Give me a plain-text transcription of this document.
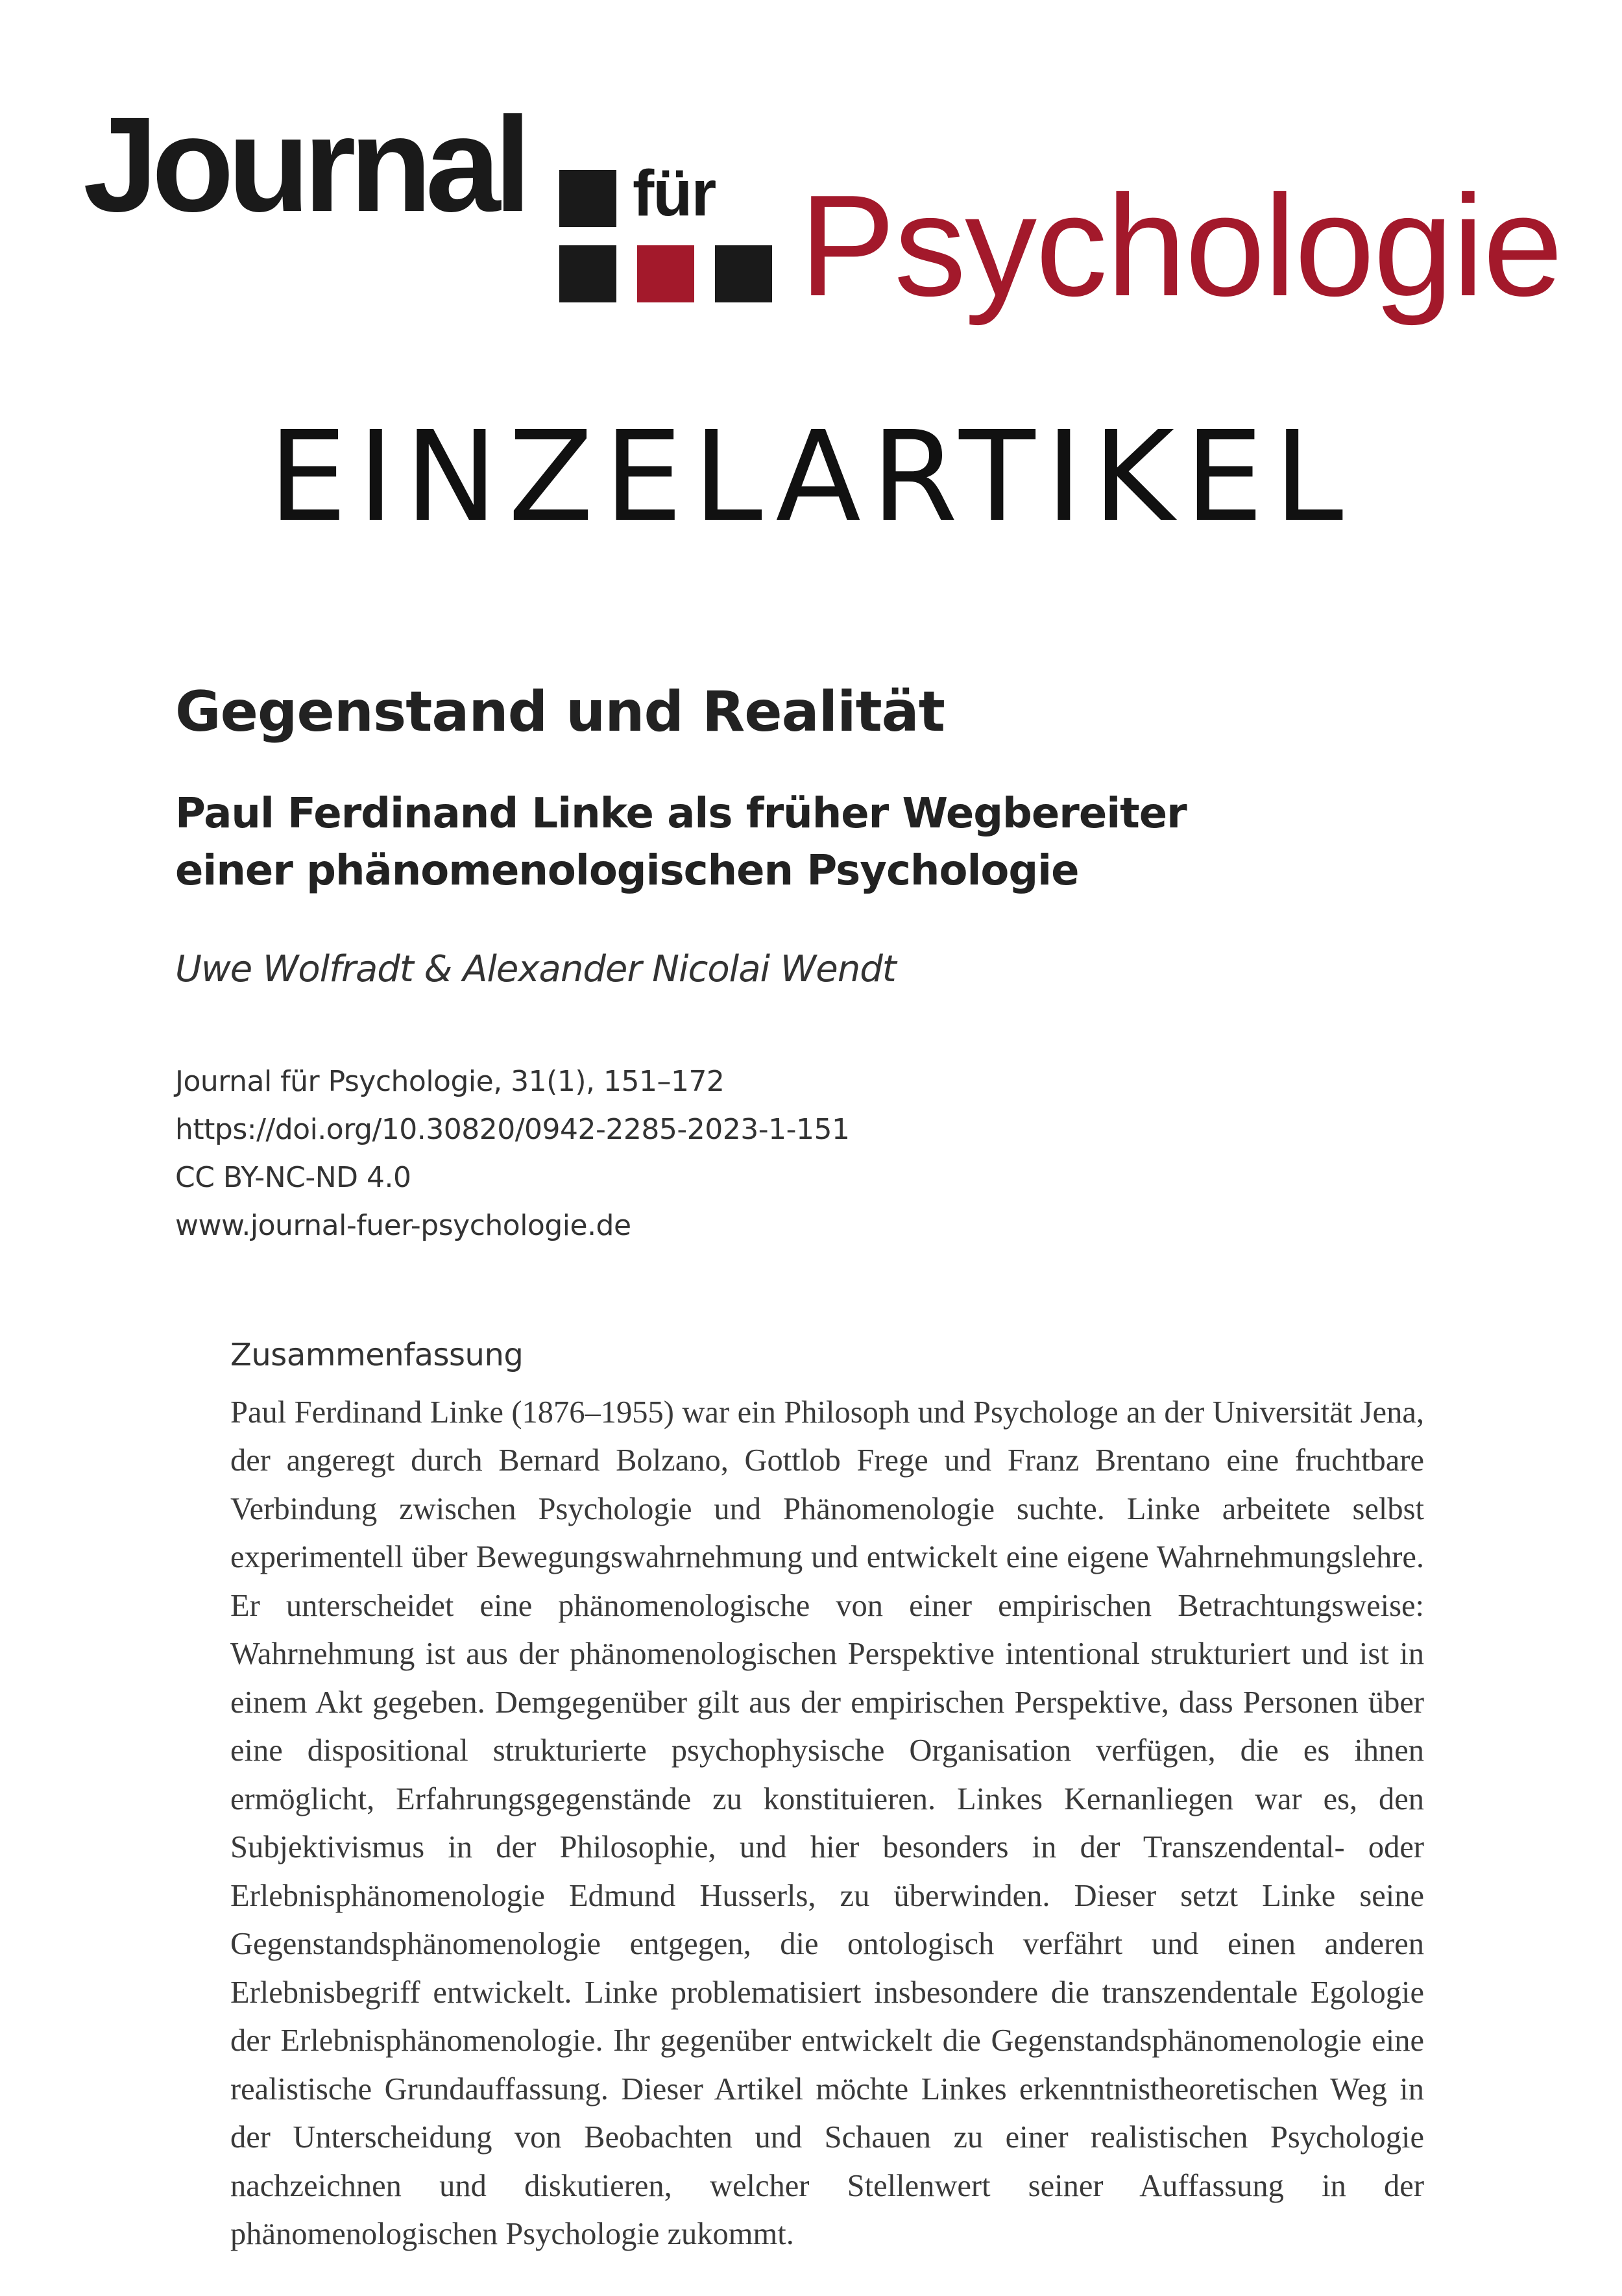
Journal für Psychologie
EINZELARTIKEL
Gegenstand und Realität
Paul Ferdinand Linke als früher Wegbereiter
einer phänomenologischen Psychologie
Uwe Wolfradt & Alexander Nicolai Wendt
Journal für Psychologie, 31(1), 151–172
https://doi.org/10.30820/0942-2285-2023-1-151
CC BY-NC-ND 4.0
www.journal-fuer-psychologie.de
Zusammenfassung

Paul Ferdinand Linke (1876–1955) war ein Philosoph und Psychologe an der Universität Jena, der angeregt durch Bernard Bolzano, Gottlob Frege und Franz Brentano eine fruchtbare Verbindung zwischen Psychologie und Phänomenologie suchte. Linke arbeitete selbst experimentell über Bewegungswahrnehmung und entwickelt eine eigene Wahrnehmungslehre. Er unterscheidet eine phänomenologische von einer empirischen Betrachtungsweise: Wahrnehmung ist aus der phänomenologischen Perspektive intentional strukturiert und ist in einem Akt gegeben. Demgegenüber gilt aus der empirischen Perspektive, dass Personen über eine dispositional strukturierte psychophysische Organisation verfügen, die es ihnen ermöglicht, Erfahrungsgegenstände zu konstituieren. Linkes Kernanliegen war es, den Subjektivismus in der Philosophie, und hier besonders in der Transzendental- oder Erlebnisphänomenologie Edmund Husserls, zu überwinden. Dieser setzt Linke seine Gegenstandsphänomenologie entgegen, die ontologisch verfährt und einen anderen Erlebnisbegriff entwickelt. Linke problematisiert insbesondere die transzendentale Egologie der Erlebnisphänomenologie. Ihr gegenüber entwickelt die Gegenstandsphänomenologie eine realistische Grundauffassung. Dieser Artikel möchte Linkes erkenntnistheoretischen Weg in der Unterscheidung von Beobachten und Schauen zu einer realistischen Psychologie nachzeichnen und diskutieren, welcher Stellenwert seiner Auffassung in der phänomenologischen Psychologie zukommt.
